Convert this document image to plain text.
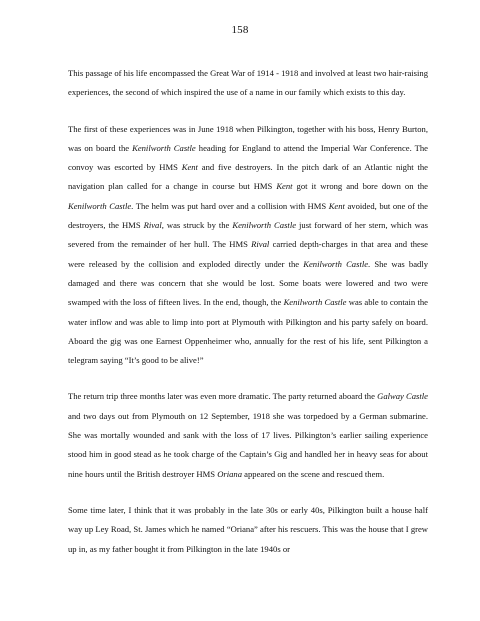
158

This passage of his life encompassed the Great War of 1914 - 1918 and involved at least two hair-raising experiences, the second of which inspired the use of a name in our family which exists to this day.

The first of these experiences was in June 1918 when Pilkington, together with his boss, Henry Burton, was on board the Kenilworth Castle heading for England to attend the Imperial War Conference. The convoy was escorted by HMS Kent and five destroyers. In the pitch dark of an Atlantic night the navigation plan called for a change in course but HMS Kent got it wrong and bore down on the Kenilworth Castle. The helm was put hard over and a collision with HMS Kent avoided, but one of the destroyers, the HMS Rival, was struck by the Kenilworth Castle just forward of her stern, which was severed from the remainder of her hull. The HMS Rival carried depth-charges in that area and these were released by the collision and exploded directly under the Kenilworth Castle. She was badly damaged and there was concern that she would be lost. Some boats were lowered and two were swamped with the loss of fifteen lives. In the end, though, the Kenilworth Castle was able to contain the water inflow and was able to limp into port at Plymouth with Pilkington and his party safely on board. Aboard the gig was one Earnest Oppenheimer who, annually for the rest of his life, sent Pilkington a telegram saying “It’s good to be alive!”

The return trip three months later was even more dramatic. The party returned aboard the Galway Castle and two days out from Plymouth on 12 September, 1918 she was torpedoed by a German submarine. She was mortally wounded and sank with the loss of 17 lives. Pilkington’s earlier sailing experience stood him in good stead as he took charge of the Captain’s Gig and handled her in heavy seas for about nine hours until the British destroyer HMS Oriana appeared on the scene and rescued them.

Some time later, I think that it was probably in the late 30s or early 40s, Pilkington built a house half way up Ley Road, St. James which he named “Oriana” after his rescuers. This was the house that I grew up in, as my father bought it from Pilkington in the late 1940s or
